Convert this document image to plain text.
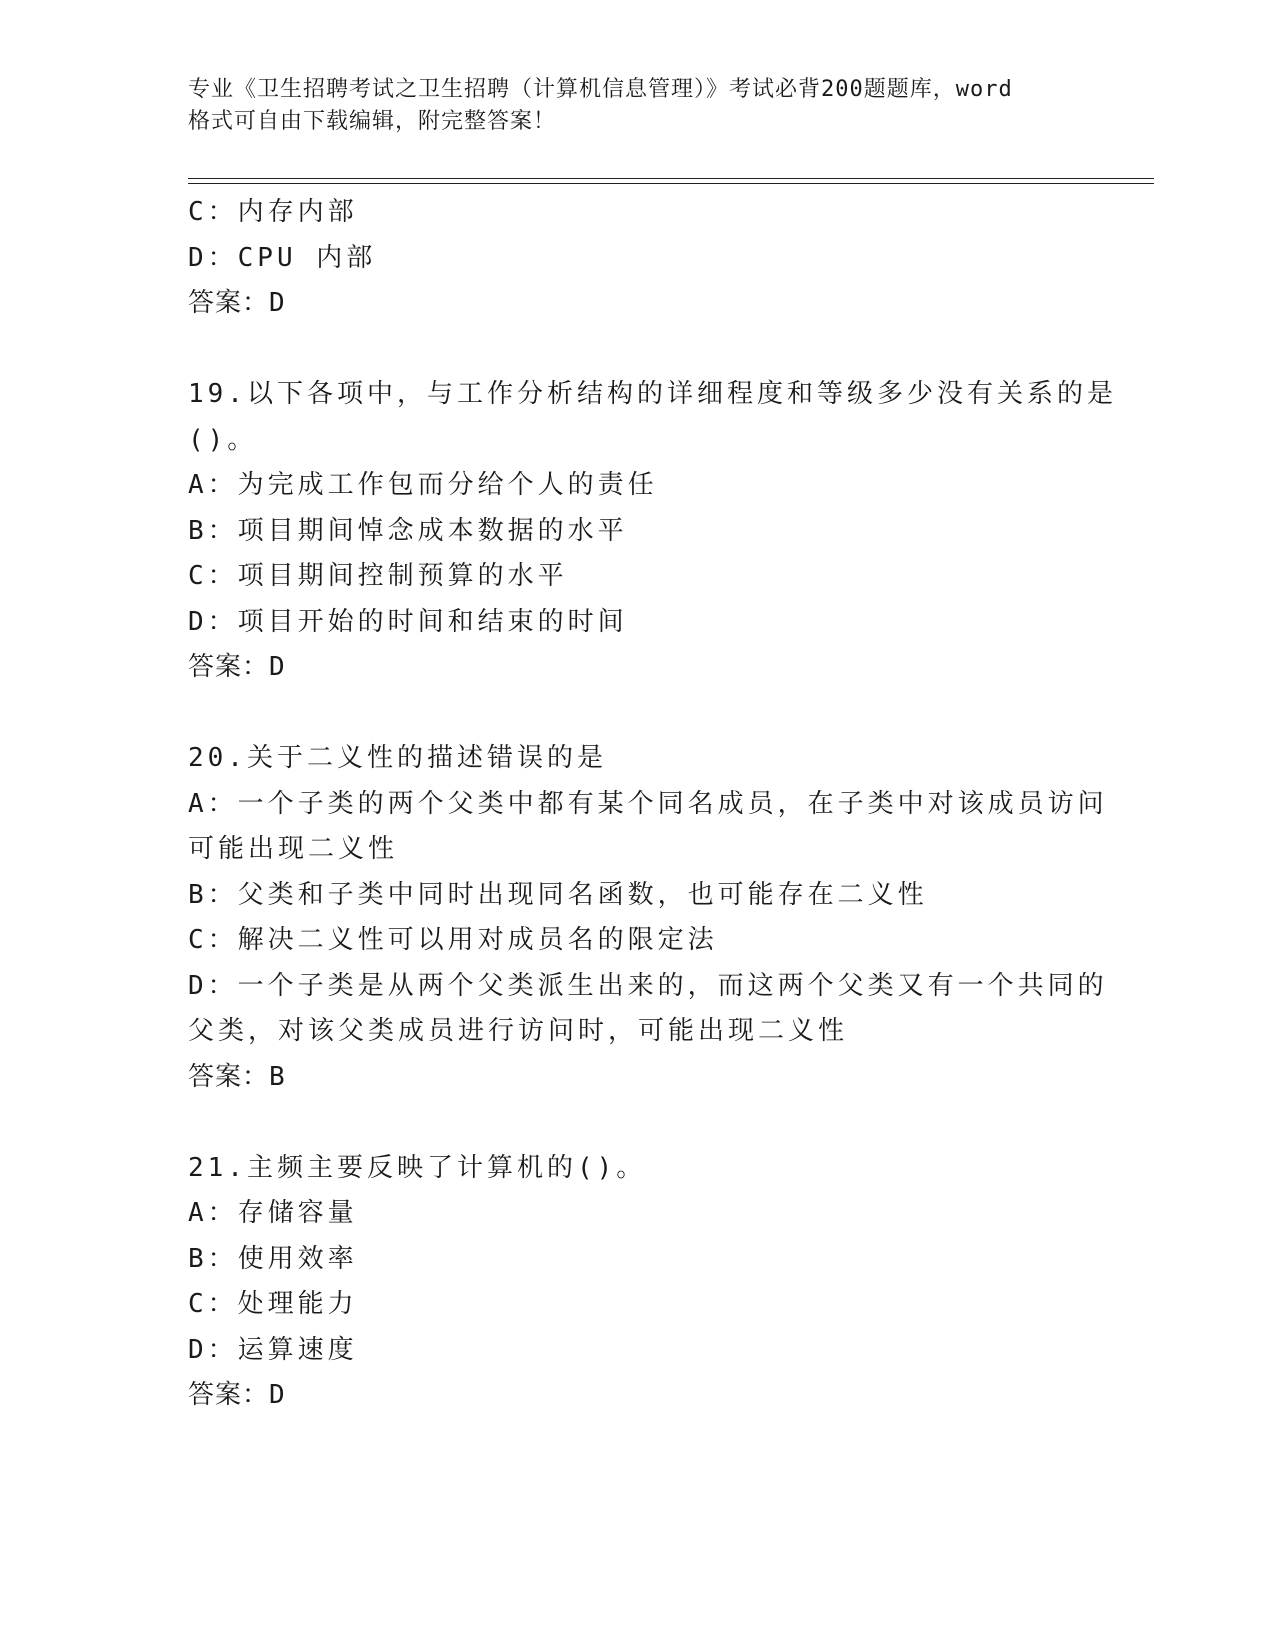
专业《卫生招聘考试之卫生招聘（计算机信息管理）》考试必背200题题库，word
格式可自由下载编辑，附完整答案！
C：内存内部
D：CPU 内部
答案：D
19.以下各项中，与工作分析结构的详细程度和等级多少没有关系的是
()。
A：为完成工作包而分给个人的责任
B：项目期间悼念成本数据的水平
C：项目期间控制预算的水平
D：项目开始的时间和结束的时间
答案：D
20.关于二义性的描述错误的是
A：一个子类的两个父类中都有某个同名成员，在子类中对该成员访问
可能出现二义性
B：父类和子类中同时出现同名函数，也可能存在二义性
C：解决二义性可以用对成员名的限定法
D：一个子类是从两个父类派生出来的，而这两个父类又有一个共同的
父类，对该父类成员进行访问时，可能出现二义性
答案：B
21.主频主要反映了计算机的()。
A：存储容量
B：使用效率
C：处理能力
D：运算速度
答案：D
